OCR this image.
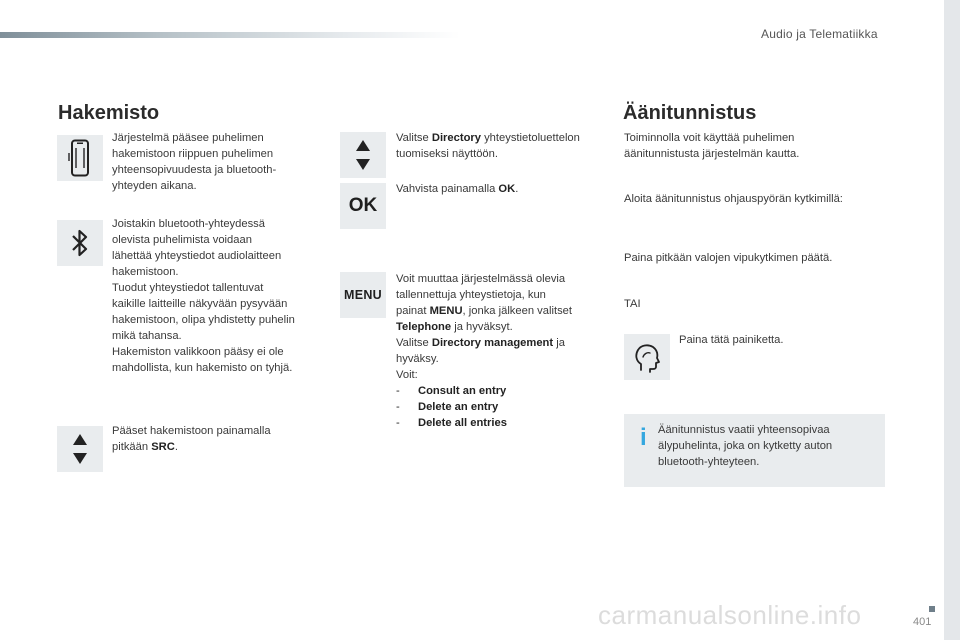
Audio ja Telematiikka
Hakemisto
Järjestelmä pääsee puhelimen
hakemistoon riippuen puhelimen
yhteensopivuudesta ja bluetooth-
yhteyden aikana.
Joistakin bluetooth-yhteydessä
olevista puhelimista voidaan
lähettää yhteystiedot audiolaitteen
hakemistoon.
Tuodut yhteystiedot tallentuvat
kaikille laitteille näkyvään pysyvään
hakemistoon, olipa yhdistetty puhelin
mikä tahansa.
Hakemiston valikkoon pääsy ei ole
mahdollista, kun hakemisto on tyhjä.
Pääset hakemistoon painamalla
pitkään SRC.
Valitse Directory yhteystietoluettelon
tuomiseksi näyttöön.
OK
Vahvista painamalla OK.
MENU
Voit muuttaa järjestelmässä olevia
tallennettuja yhteystietoja, kun
painat MENU, jonka jälkeen valitset
Telephone ja hyväksyt.
Valitse Directory management ja
hyväksy.
Voit:
- Consult an entry
- Delete an entry
- Delete all entries
Äänitunnistus
Toiminnolla voit käyttää puhelimen
äänitunnistusta järjestelmän kautta.
Aloita äänitunnistus ohjauspyörän kytkimillä:
Paina pitkään valojen vipukytkimen päätä.
TAI
Paina tätä painiketta.
i Äänitunnistus vaatii yhteensopivaa
älypuhelinta, joka on kytketty auton
bluetooth-yhteyteen.
carmanualsonline.info	401
